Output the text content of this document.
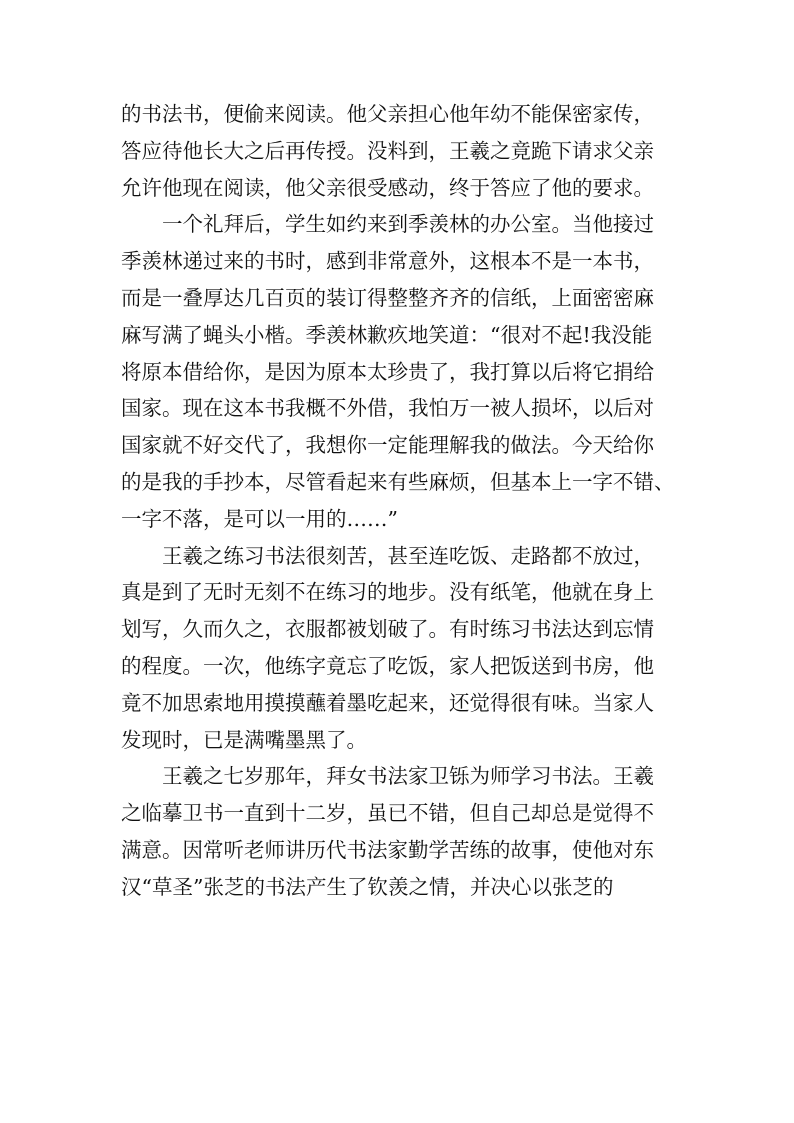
的书法书，便偷来阅读。他父亲担心他年幼不能保密家传，
答应待他长大之后再传授。没料到，王羲之竟跪下请求父亲
允许他现在阅读，他父亲很受感动，终于答应了他的要求。
一个礼拜后，学生如约来到季羡林的办公室。当他接过
季羡林递过来的书时，感到非常意外，这根本不是一本书，
而是一叠厚达几百页的装订得整整齐齐的信纸，上面密密麻
麻写满了蝇头小楷。季羡林歉疚地笑道：“很对不起!我没能
将原本借给你，是因为原本太珍贵了，我打算以后将它捐给
国家。现在这本书我概不外借，我怕万一被人损坏，以后对
国家就不好交代了，我想你一定能理解我的做法。今天给你
的是我的手抄本，尽管看起来有些麻烦，但基本上一字不错、
一字不落，是可以一用的……”
王羲之练习书法很刻苦，甚至连吃饭、走路都不放过，
真是到了无时无刻不在练习的地步。没有纸笔，他就在身上
划写，久而久之，衣服都被划破了。有时练习书法达到忘情
的程度。一次，他练字竟忘了吃饭，家人把饭送到书房，他
竟不加思索地用摸摸蘸着墨吃起来，还觉得很有味。当家人
发现时，已是满嘴墨黑了。
王羲之七岁那年，拜女书法家卫铄为师学习书法。王羲
之临摹卫书一直到十二岁，虽已不错，但自己却总是觉得不
满意。因常听老师讲历代书法家勤学苦练的故事，使他对东
汉“草圣”张芝的书法产生了钦羡之情，并决心以张芝的
